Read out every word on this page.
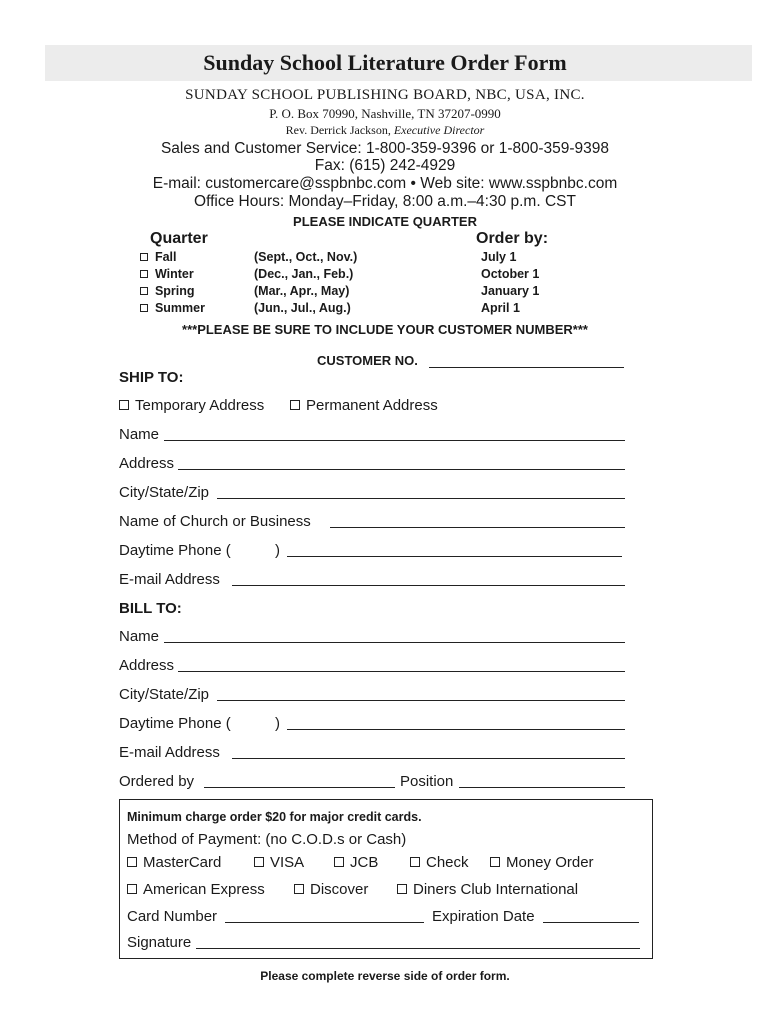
Sunday School Literature Order Form
SUNDAY SCHOOL PUBLISHING BOARD, NBC, USA, INC.
P. O. Box 70990, Nashville, TN 37207-0990
Rev. Derrick Jackson, Executive Director
Sales and Customer Service: 1-800-359-9396 or 1-800-359-9398
Fax: (615) 242-4929
E-mail: customercare@sspbnbc.com • Web site: www.sspbnbc.com
Office Hours: Monday–Friday, 8:00 a.m.–4:30 p.m. CST
PLEASE INDICATE QUARTER
Quarter	Order by:
Fall	(Sept., Oct., Nov.)	July 1
Winter	(Dec., Jan., Feb.)	October 1
Spring	(Mar., Apr., May)	January 1
Summer	(Jun., Jul., Aug.)	April 1
***PLEASE BE SURE TO INCLUDE YOUR CUSTOMER NUMBER***
CUSTOMER NO.
SHIP TO:
Temporary Address	Permanent Address
Name
Address
City/State/Zip
Name of Church or Business
Daytime Phone (	)
E-mail Address
BILL TO:
Name
Address
City/State/Zip
Daytime Phone (	)
E-mail Address
Ordered by	Position
Minimum charge order $20 for major credit cards.
Method of Payment: (no C.O.D.s or Cash)
MasterCard	VISA	JCB	Check	Money Order
American Express	Discover	Diners Club International
Card Number	Expiration Date
Signature
Please complete reverse side of order form.
